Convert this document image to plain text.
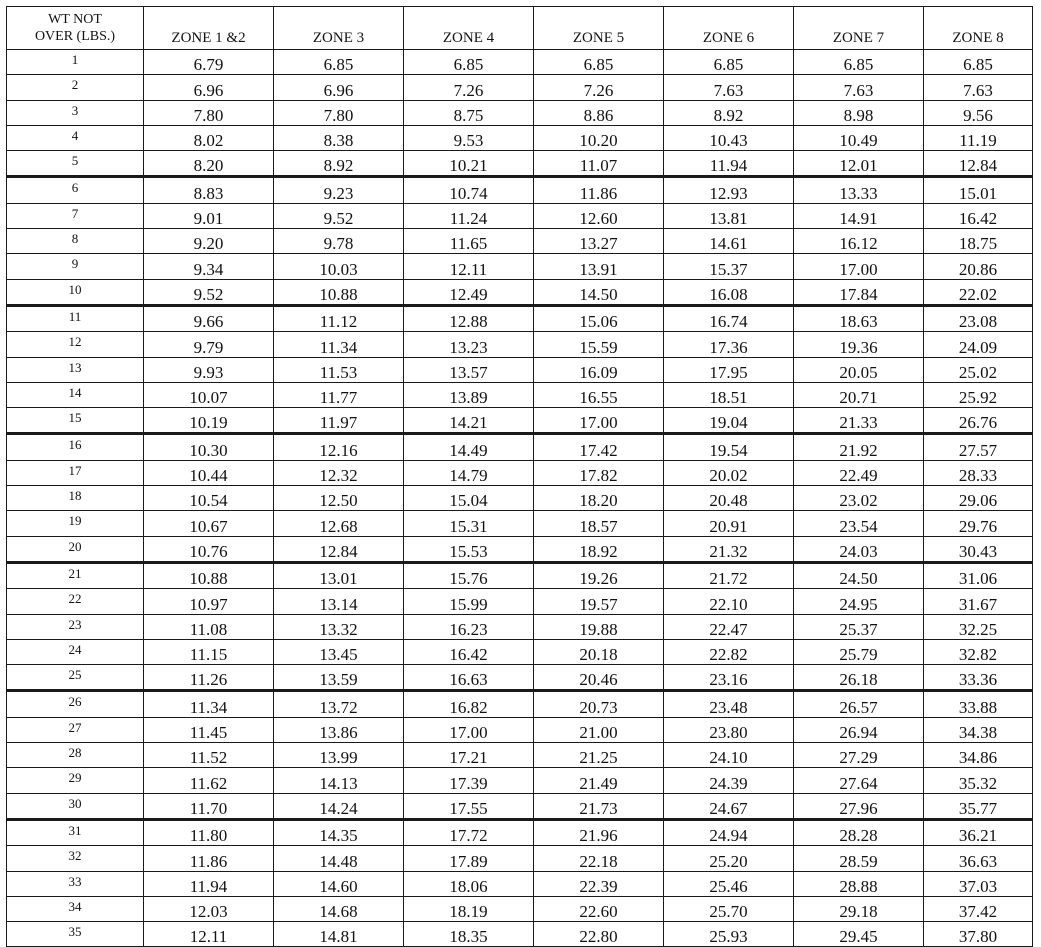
WT NOT
OVER (LBS.)	ZONE 1 &2	ZONE 3	ZONE 4	ZONE 5	ZONE 6	ZONE 7	ZONE 8
1	6.79	6.85	6.85	6.85	6.85	6.85	6.85
2	6.96	6.96	7.26	7.26	7.63	7.63	7.63
3	7.80	7.80	8.75	8.86	8.92	8.98	9.56
4	8.02	8.38	9.53	10.20	10.43	10.49	11.19
5	8.20	8.92	10.21	11.07	11.94	12.01	12.84
6	8.83	9.23	10.74	11.86	12.93	13.33	15.01
7	9.01	9.52	11.24	12.60	13.81	14.91	16.42
8	9.20	9.78	11.65	13.27	14.61	16.12	18.75
9	9.34	10.03	12.11	13.91	15.37	17.00	20.86
10	9.52	10.88	12.49	14.50	16.08	17.84	22.02
11	9.66	11.12	12.88	15.06	16.74	18.63	23.08
12	9.79	11.34	13.23	15.59	17.36	19.36	24.09
13	9.93	11.53	13.57	16.09	17.95	20.05	25.02
14	10.07	11.77	13.89	16.55	18.51	20.71	25.92
15	10.19	11.97	14.21	17.00	19.04	21.33	26.76
16	10.30	12.16	14.49	17.42	19.54	21.92	27.57
17	10.44	12.32	14.79	17.82	20.02	22.49	28.33
18	10.54	12.50	15.04	18.20	20.48	23.02	29.06
19	10.67	12.68	15.31	18.57	20.91	23.54	29.76
20	10.76	12.84	15.53	18.92	21.32	24.03	30.43
21	10.88	13.01	15.76	19.26	21.72	24.50	31.06
22	10.97	13.14	15.99	19.57	22.10	24.95	31.67
23	11.08	13.32	16.23	19.88	22.47	25.37	32.25
24	11.15	13.45	16.42	20.18	22.82	25.79	32.82
25	11.26	13.59	16.63	20.46	23.16	26.18	33.36
26	11.34	13.72	16.82	20.73	23.48	26.57	33.88
27	11.45	13.86	17.00	21.00	23.80	26.94	34.38
28	11.52	13.99	17.21	21.25	24.10	27.29	34.86
29	11.62	14.13	17.39	21.49	24.39	27.64	35.32
30	11.70	14.24	17.55	21.73	24.67	27.96	35.77
31	11.80	14.35	17.72	21.96	24.94	28.28	36.21
32	11.86	14.48	17.89	22.18	25.20	28.59	36.63
33	11.94	14.60	18.06	22.39	25.46	28.88	37.03
34	12.03	14.68	18.19	22.60	25.70	29.18	37.42
35	12.11	14.81	18.35	22.80	25.93	29.45	37.80
